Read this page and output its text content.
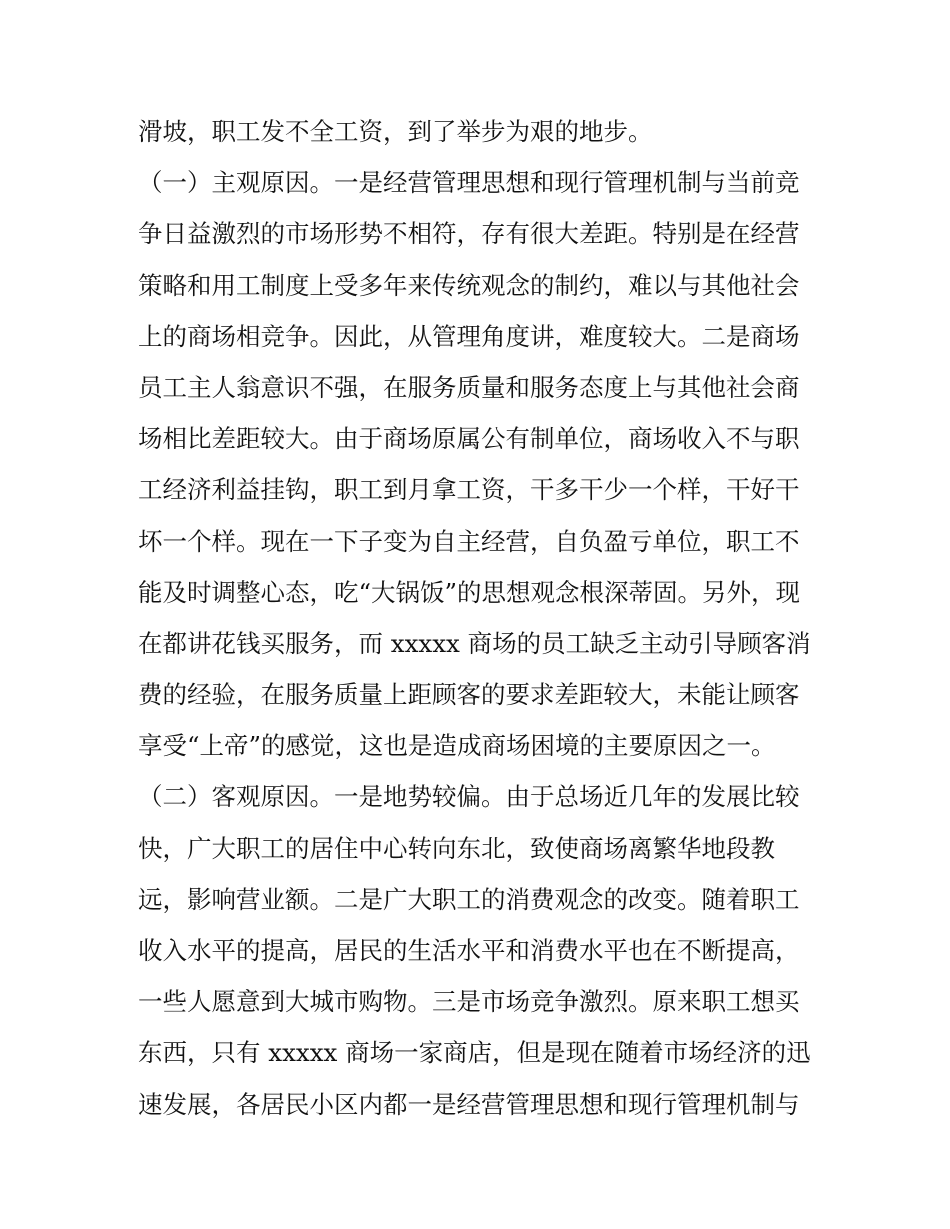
滑坡，职工发不全工资，到了举步为艰的地步。
（一）主观原因。一是经营管理思想和现行管理机制与当前竞
争日益激烈的市场形势不相符，存有很大差距。特别是在经营
策略和用工制度上受多年来传统观念的制约，难以与其他社会
上的商场相竞争。因此，从管理角度讲，难度较大。二是商场
员工主人翁意识不强，在服务质量和服务态度上与其他社会商
场相比差距较大。由于商场原属公有制单位，商场收入不与职
工经济利益挂钩，职工到月拿工资，干多干少一个样，干好干
坏一个样。现在一下子变为自主经营，自负盈亏单位，职工不
能及时调整心态，吃“大锅饭”的思想观念根深蒂固。另外，现
在都讲花钱买服务，而 xxxxx 商场的员工缺乏主动引导顾客消
费的经验，在服务质量上距顾客的要求差距较大，未能让顾客
享受“上帝”的感觉，这也是造成商场困境的主要原因之一。
（二）客观原因。一是地势较偏。由于总场近几年的发展比较
快，广大职工的居住中心转向东北，致使商场离繁华地段教
远，影响营业额。二是广大职工的消费观念的改变。随着职工
收入水平的提高，居民的生活水平和消费水平也在不断提高，
一些人愿意到大城市购物。三是市场竞争激烈。原来职工想买
东西，只有 xxxxx 商场一家商店，但是现在随着市场经济的迅
速发展，各居民小区内都一是经营管理思想和现行管理机制与
